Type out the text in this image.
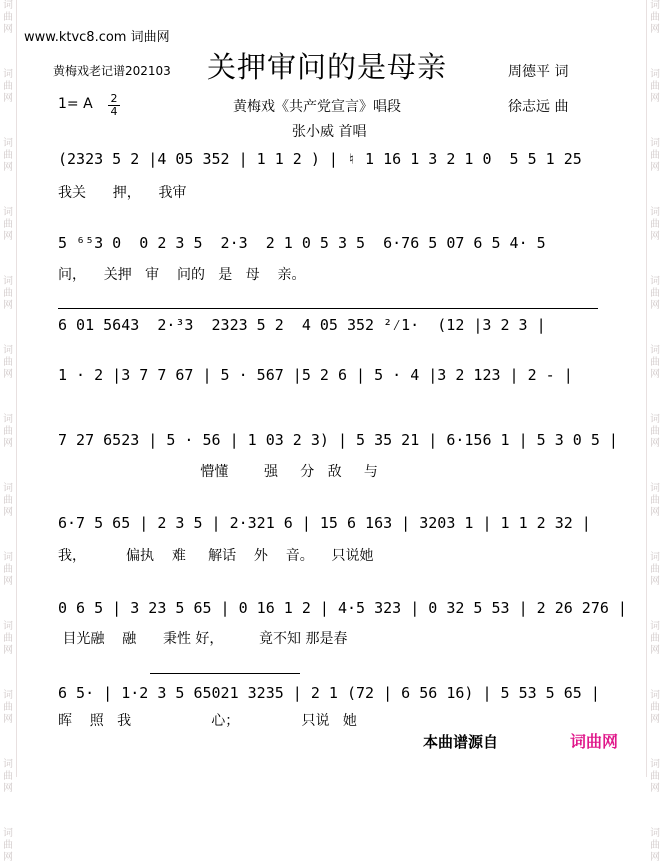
词
曲
网
词
曲
网
词
曲
网
词
曲
网
词
曲
网
词
曲
网
词
曲
网
词
曲
网
词
曲
网
词
曲
网
词
曲
网
词
曲
网
词
曲
网
词
曲
网
词
曲
网
词
曲
网
词
曲
网
词
曲
网
词
曲
网
词
曲
网
词
曲
网
词
曲
网
词
曲
网
词
曲
网
词
曲
网
词
曲
网
www.ktvc8.com 词曲网
黄梅戏老记谱202103 关押审问的是母亲	周德平 词
1= A 2
4	黄梅戏《共产党宣言》唱段	徐志远 曲
张小威 首唱
(2323 5 2 |4 05 352 | 1 1 2 ) | ♮ 1 16 1 3 2 1 0  5 5 1 25
我关      押，    我审
5 ⁶⁵3 0  0 2 3 5  2·3  2 1 0 5 3 5  6·76 5 07 6 5 4· 5
问，    关押   审    问的   是   母    亲。
6 01 5643  2·³3  2323 5 2  4 05 352 ²⁄1·  (12 |3 2 3 |
1 · 2 |3 7 7 67 | 5 · 567 |5 2 6 | 5 · 4 |3 2 123 | 2 - |
7 27 6523 | 5 · 56 | 1 03 2 3) | 5 35 21 | 6·156 1 | 5 3 0 5 |
懵懂        强     分   敌     与
6·7 5 65 | 2 3 5 | 2·321 6 | 15 6 163 | 3203 1 | 1 1 2 32 |
我，         偏执    难     解话    外    音。    只说她
0 6 5 | 3 23 5 65 | 0 16 1 2 | 4·5 323 | 0 32 5 53 | 2 26 276 |
目光融    融      秉性 好，        竟不知 那是春
6 5· | 1·2 3 5 65021 3235 | 2 1 (72 | 6 56 16) | 5 53 5 65 |
晖    照   我                  心；              只说   她
本曲谱源自	词曲网
